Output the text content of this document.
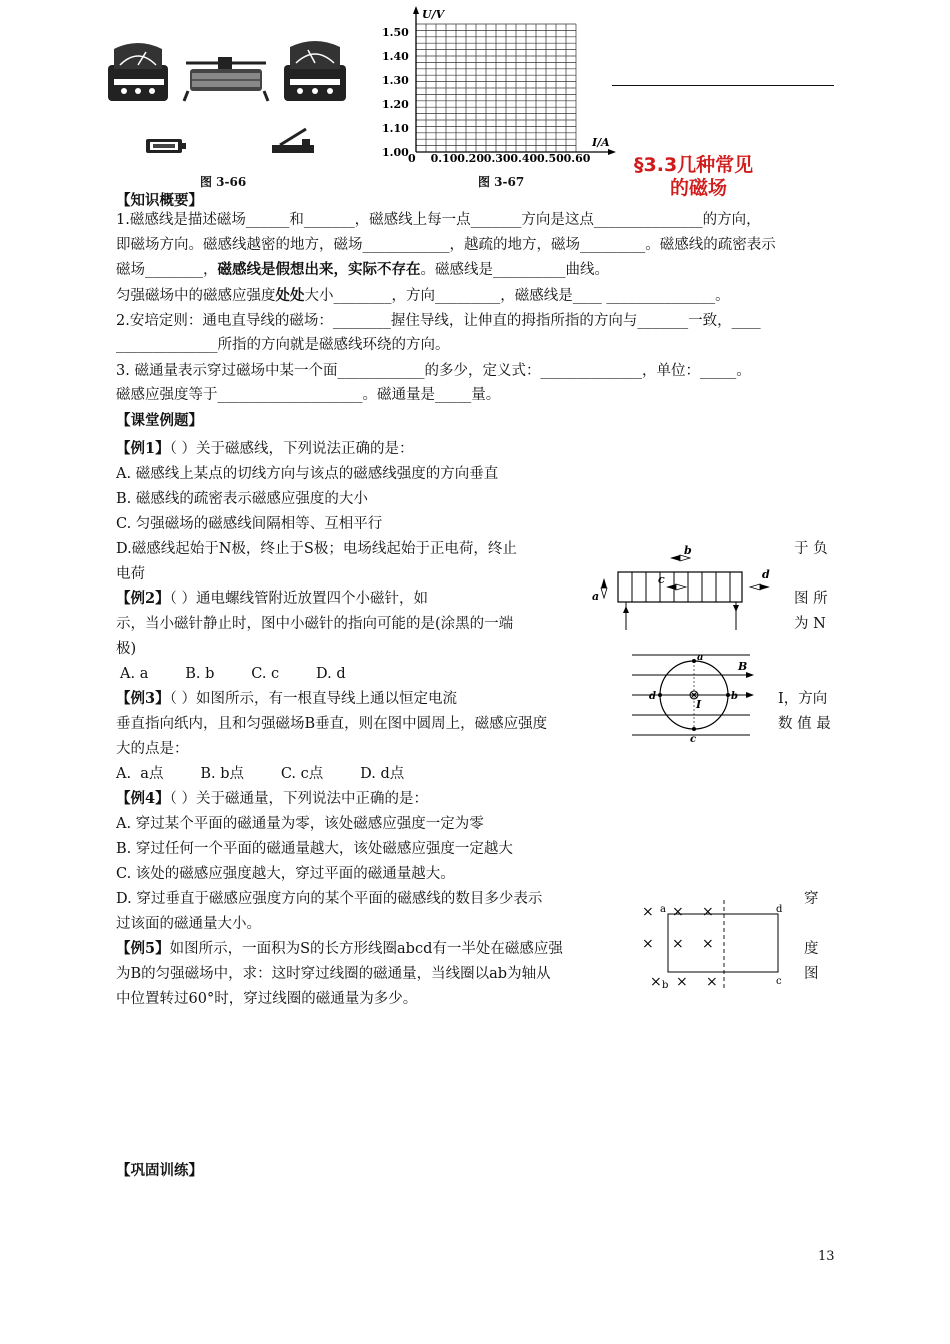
图 3-66
U/V
I/A
0
1.50
1.40
1.30
1.20
1.10
1.00 0.10 0.20 0.30 0.40 0.50 0.60
图 3-67
§3.3几种常见
的磁场
【知识概要】
1.磁感线是描述磁场______和_______，磁感线上每一点_______方向是这点_______________的方向，
即磁场方向。磁感线越密的地方，磁场____________，越疏的地方，磁场_________。磁感线的疏密表示
磁场________，磁感线是假想出来，实际不存在。磁感线是__________曲线。
匀强磁场中的磁感应强度处处大小________，方向_________，磁感线是____ _______________。
2.安培定则：通电直导线的磁场：________握住导线，让伸直的拇指所指的方向与_______一致，____
______________所指的方向就是磁感线环绕的方向。
3. 磁通量表示穿过磁场中某一个面____________的多少，定义式：______________，单位：_____。
磁感应强度等于____________________。磁通量是_____量。
【课堂例题】
【例1】（ ）关于磁感线，下列说法正确的是：
A. 磁感线上某点的切线方向与该点的磁感线强度的方向垂直
B. 磁感线的疏密表示磁感应强度的大小
C. 匀强磁场的磁感线间隔相等、互相平行
D.磁感线起始于N极，终止于S极；电场线起始于正电荷，终止	于 负
电荷
b
c	d
a
【例2】（ ）通电螺线管附近放置四个小磁针，如	图 所
示，当小磁针静止时，图中小磁针的指向可能的是(涂黑的一端	为 N
极)
A. a        B. b        C. c        D. d
a
b
c
d
B
I
【例3】（ ）如图所示，有一根直导线上通以恒定电流	I，方向
垂直指向纸内，且和匀强磁场B垂直，则在图中圆周上，磁感应强度	数 值 最
大的点是：
A.  a点        B. b点        C. c点        D. d点
【例4】（ ）关于磁通量，下列说法中正确的是：
A. 穿过某个平面的磁通量为零，该处磁感应强度一定为零
B. 穿过任何一个平面的磁通量越大，该处磁感应强度一定越大
C. 该处的磁感应强度越大，穿过平面的磁通量越大。
D. 穿过垂直于磁感应强度方向的某个平面的磁感线的数目多少表示	穿
过该面的磁通量大小。
× × ×
× × ×
× × ×
a
b	c
d
【例5】如图所示，一面积为S的长方形线圈abcd有一半处在磁感应强	度
为B的匀强磁场中，求：这时穿过线圈的磁通量，当线圈以ab为轴从	图
中位置转过60°时，穿过线圈的磁通量为多少。
【巩固训练】
13
